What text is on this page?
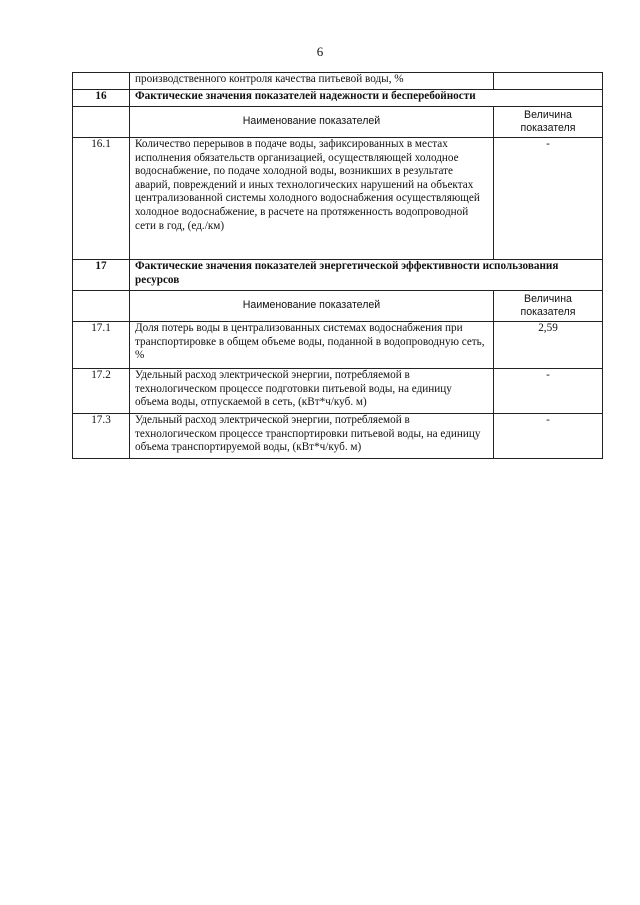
6
	производственного контроля качества питьевой воды, %	
16	Фактические значения показателей надежности и бесперебойности	
	Наименование показателей	Величина показателя
16.1	Количество перерывов в подаче воды, зафиксированных в местах исполнения обязательств организацией, осуществляющей холодное водоснабжение, по подаче холодной воды, возникших в результате аварий, повреждений и иных технологических нарушений на объектах централизованной системы холодного водоснабжения осуществляющей холодное водоснабжение, в расчете на протяженность водопроводной сети в год, (ед./км)	-
17	Фактические значения показателей энергетической эффективности использования ресурсов	
	Наименование показателей	Величина показателя
17.1	Доля потерь воды в централизованных системах водоснабжения при транспортировке в общем объеме воды, поданной в водопроводную сеть, %	2,59
17.2	Удельный расход электрической энергии, потребляемой в технологическом процессе подготовки питьевой воды, на единицу объема воды, отпускаемой в сеть, (кВт*ч/куб. м)	-
17.3	Удельный расход электрической энергии, потребляемой в технологическом процессе транспортировки питьевой воды, на единицу объема транспортируемой воды, (кВт*ч/куб. м)	-
